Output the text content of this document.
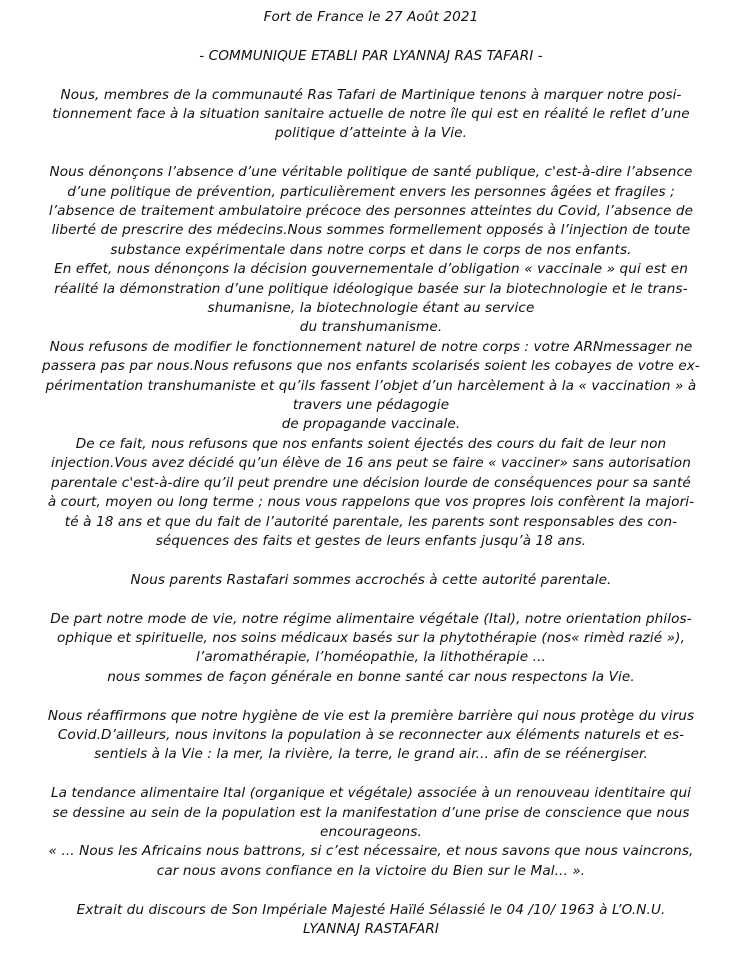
Fort de France le 27 Août 2021
- COMMUNIQUE ETABLI PAR LYANNAJ RAS TAFARI -
Nous, membres de la communauté Ras Tafari de Martinique tenons à marquer notre posi-
tionnement face à la situation sanitaire actuelle de notre île qui est en réalité le reflet d’une
politique d’atteinte à la Vie.
Nous dénonçons l’absence d’une véritable politique de santé publique, c'est-à-dire l’absence
d’une politique de prévention, particulièrement envers les personnes âgées et fragiles ;
l’absence de traitement ambulatoire précoce des personnes atteintes du Covid, l’absence de
liberté de prescrire des médecins.Nous sommes formellement opposés à l’injection de toute
substance expérimentale dans notre corps et dans le corps de nos enfants.
En effet, nous dénonçons la décision gouvernementale d’obligation « vaccinale » qui est en
réalité la démonstration d’une politique idéologique basée sur la biotechnologie et le trans-
shumanisne, la biotechnologie étant au service
du transhumanisme.
Nous refusons de modifier le fonctionnement naturel de notre corps : votre ARNmessager ne
passera pas par nous.Nous refusons que nos enfants scolarisés soient les cobayes de votre ex-
périmentation transhumaniste et qu’ils fassent l’objet d’un harcèlement à la « vaccination » à
travers une pédagogie
de propagande vaccinale.
De ce fait, nous refusons que nos enfants soient éjectés des cours du fait de leur non
injection.Vous avez décidé qu’un élève de 16 ans peut se faire « vacciner» sans autorisation
parentale c'est-à-dire qu’il peut prendre une décision lourde de conséquences pour sa santé
à court, moyen ou long terme ; nous vous rappelons que vos propres lois confèrent la majori-
té à 18 ans et que du fait de l’autorité parentale, les parents sont responsables des con-
séquences des faits et gestes de leurs enfants jusqu’à 18 ans.
Nous parents Rastafari sommes accrochés à cette autorité parentale.
De part notre mode de vie, notre régime alimentaire végétale (Ital), notre orientation philos-
ophique et spirituelle, nos soins médicaux basés sur la phytothérapie (nos« rimèd razié »),
l’aromathérapie, l’homéopathie, la lithothérapie ...
nous sommes de façon générale en bonne santé car nous respectons la Vie.
Nous réaffirmons que notre hygiène de vie est la première barrière qui nous protège du virus
Covid.D’ailleurs, nous invitons la population à se reconnecter aux éléments naturels et es-
sentiels à la Vie : la mer, la rivière, la terre, le grand air... afin de se réénergiser.
La tendance alimentaire Ital (organique et végétale) associée à un renouveau identitaire qui
se dessine au sein de la population est la manifestation d’une prise de conscience que nous
encourageons.
« ... Nous les Africains nous battrons, si c’est nécessaire, et nous savons que nous vaincrons,
car nous avons confiance en la victoire du Bien sur le Mal... ».
Extrait du discours de Son Impériale Majesté Haïlé Sélassié le 04 /10/ 1963 à L’O.N.U.
LYANNAJ RASTAFARI
